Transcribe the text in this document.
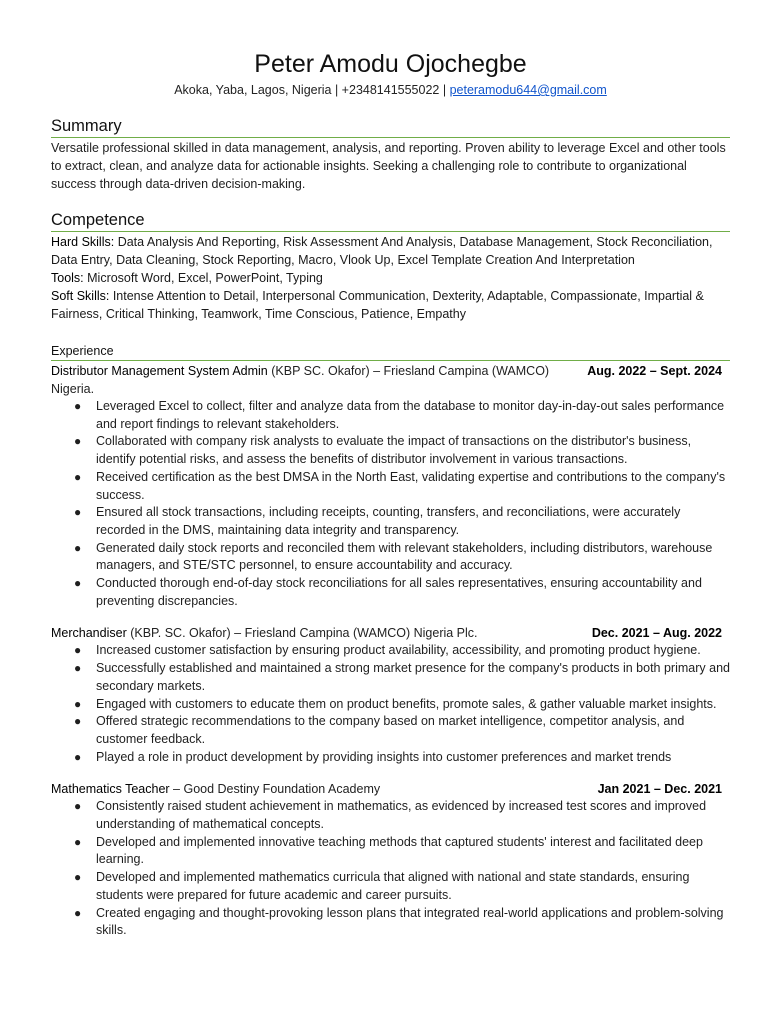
Peter Amodu Ojochegbe
Akoka, Yaba, Lagos, Nigeria | +2348141555022 | peteramodu644@gmail.com
Summary

Versatile professional skilled in data management, analysis, and reporting. Proven ability to leverage Excel and other tools to extract, clean, and analyze data for actionable insights. Seeking a challenging role to contribute to organizational success through data-driven decision-making.

Competence

Hard Skills: Data Analysis And Reporting, Risk Assessment And Analysis, Database Management, Stock Reconciliation, Data Entry, Data Cleaning, Stock Reporting, Macro, Vlook Up, Excel Template Creation And Interpretation

Tools: Microsoft Word, Excel, PowerPoint, Typing

Soft Skills: Intense Attention to Detail, Interpersonal Communication, Dexterity, Adaptable, Compassionate, Impartial & Fairness, Critical Thinking, Teamwork, Time Conscious, Patience, Empathy

Experience
Distributor Management System Admin (KBP SC. Okafor) – Friesland Campina (WAMCO) Nigeria.
Aug. 2022 – Sept. 2024
● Leveraged Excel to collect, filter and analyze data from the database to monitor day-in-day-out sales performance and report findings to relevant stakeholders.
● Collaborated with company risk analysts to evaluate the impact of transactions on the distributor's business, identify potential risks, and assess the benefits of distributor involvement in various transactions.
● Received certification as the best DMSA in the North East, validating expertise and contributions to the company's success.
● Ensured all stock transactions, including receipts, counting, transfers, and reconciliations, were accurately recorded in the DMS, maintaining data integrity and transparency.
● Generated daily stock reports and reconciled them with relevant stakeholders, including distributors, warehouse managers, and STE/STC personnel, to ensure accountability and accuracy.
● Conducted thorough end-of-day stock reconciliations for all sales representatives, ensuring accountability and preventing discrepancies.
Merchandiser (KBP. SC. Okafor) – Friesland Campina (WAMCO) Nigeria Plc.	Dec. 2021 – Aug. 2022
● Increased customer satisfaction by ensuring product availability, accessibility, and promoting product hygiene.
● Successfully established and maintained a strong market presence for the company's products in both primary and secondary markets.
● Engaged with customers to educate them on product benefits, promote sales, & gather valuable market insights.
● Offered strategic recommendations to the company based on market intelligence, competitor analysis, and customer feedback.
● Played a role in product development by providing insights into customer preferences and market trends
Mathematics Teacher – Good Destiny Foundation Academy	Jan 2021 – Dec. 2021
● Consistently raised student achievement in mathematics, as evidenced by increased test scores and improved understanding of mathematical concepts.
● Developed and implemented innovative teaching methods that captured students' interest and facilitated deep learning.
● Developed and implemented mathematics curricula that aligned with national and state standards, ensuring students were prepared for future academic and career pursuits.
● Created engaging and thought-provoking lesson plans that integrated real-world applications and problem-solving skills.
